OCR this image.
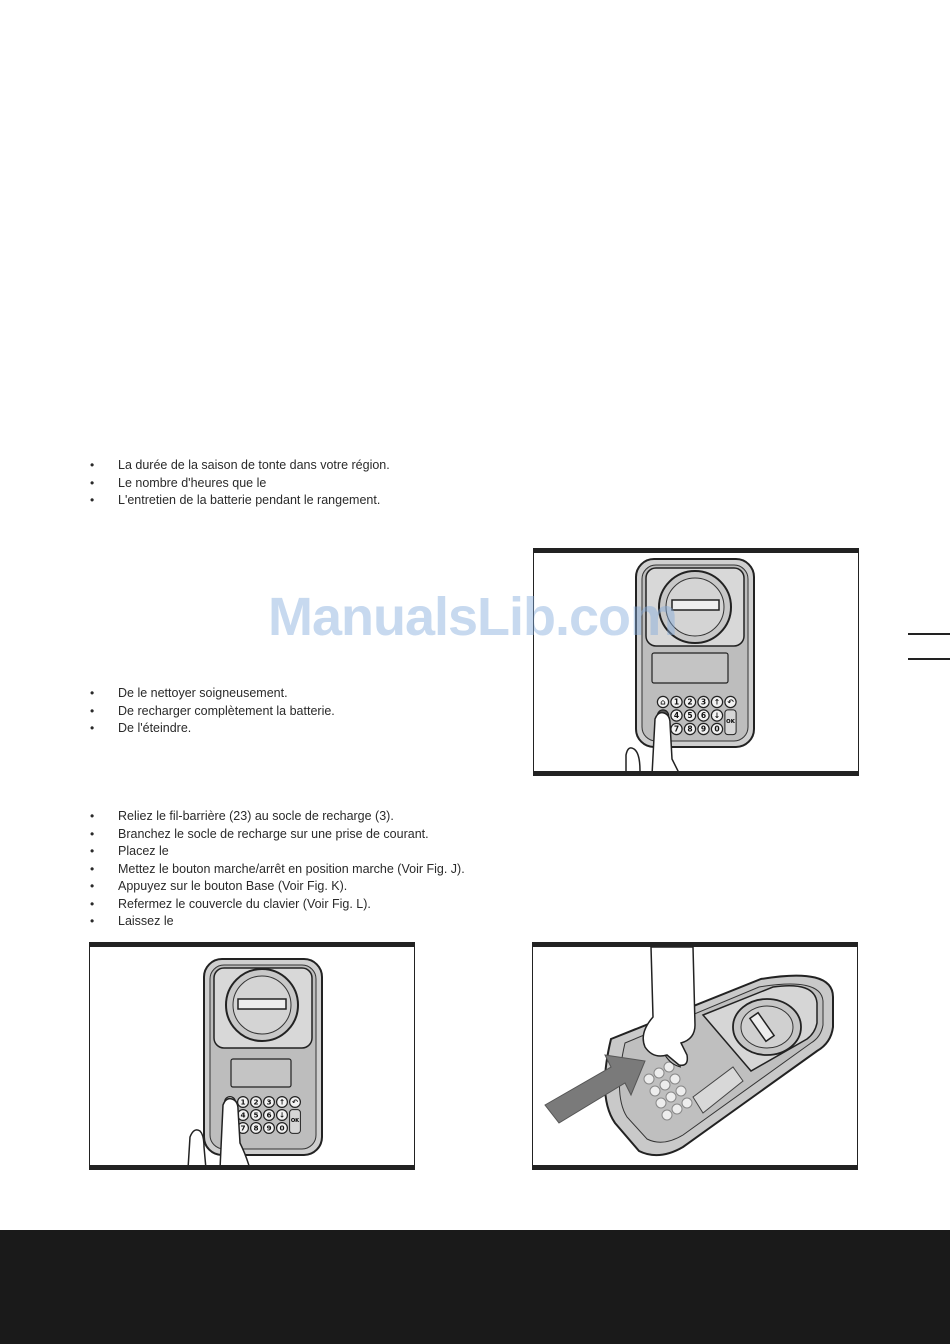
• La durée de la saison de tonte dans votre région.
• Le nombre d'heures que le
• L'entretien de la batterie pendant le rangement.
• De le nettoyer soigneusement.
• De recharger complètement la batterie.
• De l'éteindre.
• Reliez le fil-barrière (23) au socle de recharge (3).
• Branchez le socle de recharge sur une prise de courant.
• Placez le
• Mettez le bouton marche/arrêt en position marche (Voir Fig. J).
• Appuyez sur le bouton Base (Voir Fig. K).
• Refermez le couvercle du clavier (Voir Fig. L).
• Laissez le
⌂ 1 2 3 ↑ ↶
4 5 6 ↓
7 8 9 0
OK
ManualsLib.com
1 2 3 ↑ ↶
4 5 6 ↓
7 8 9 0
OK
